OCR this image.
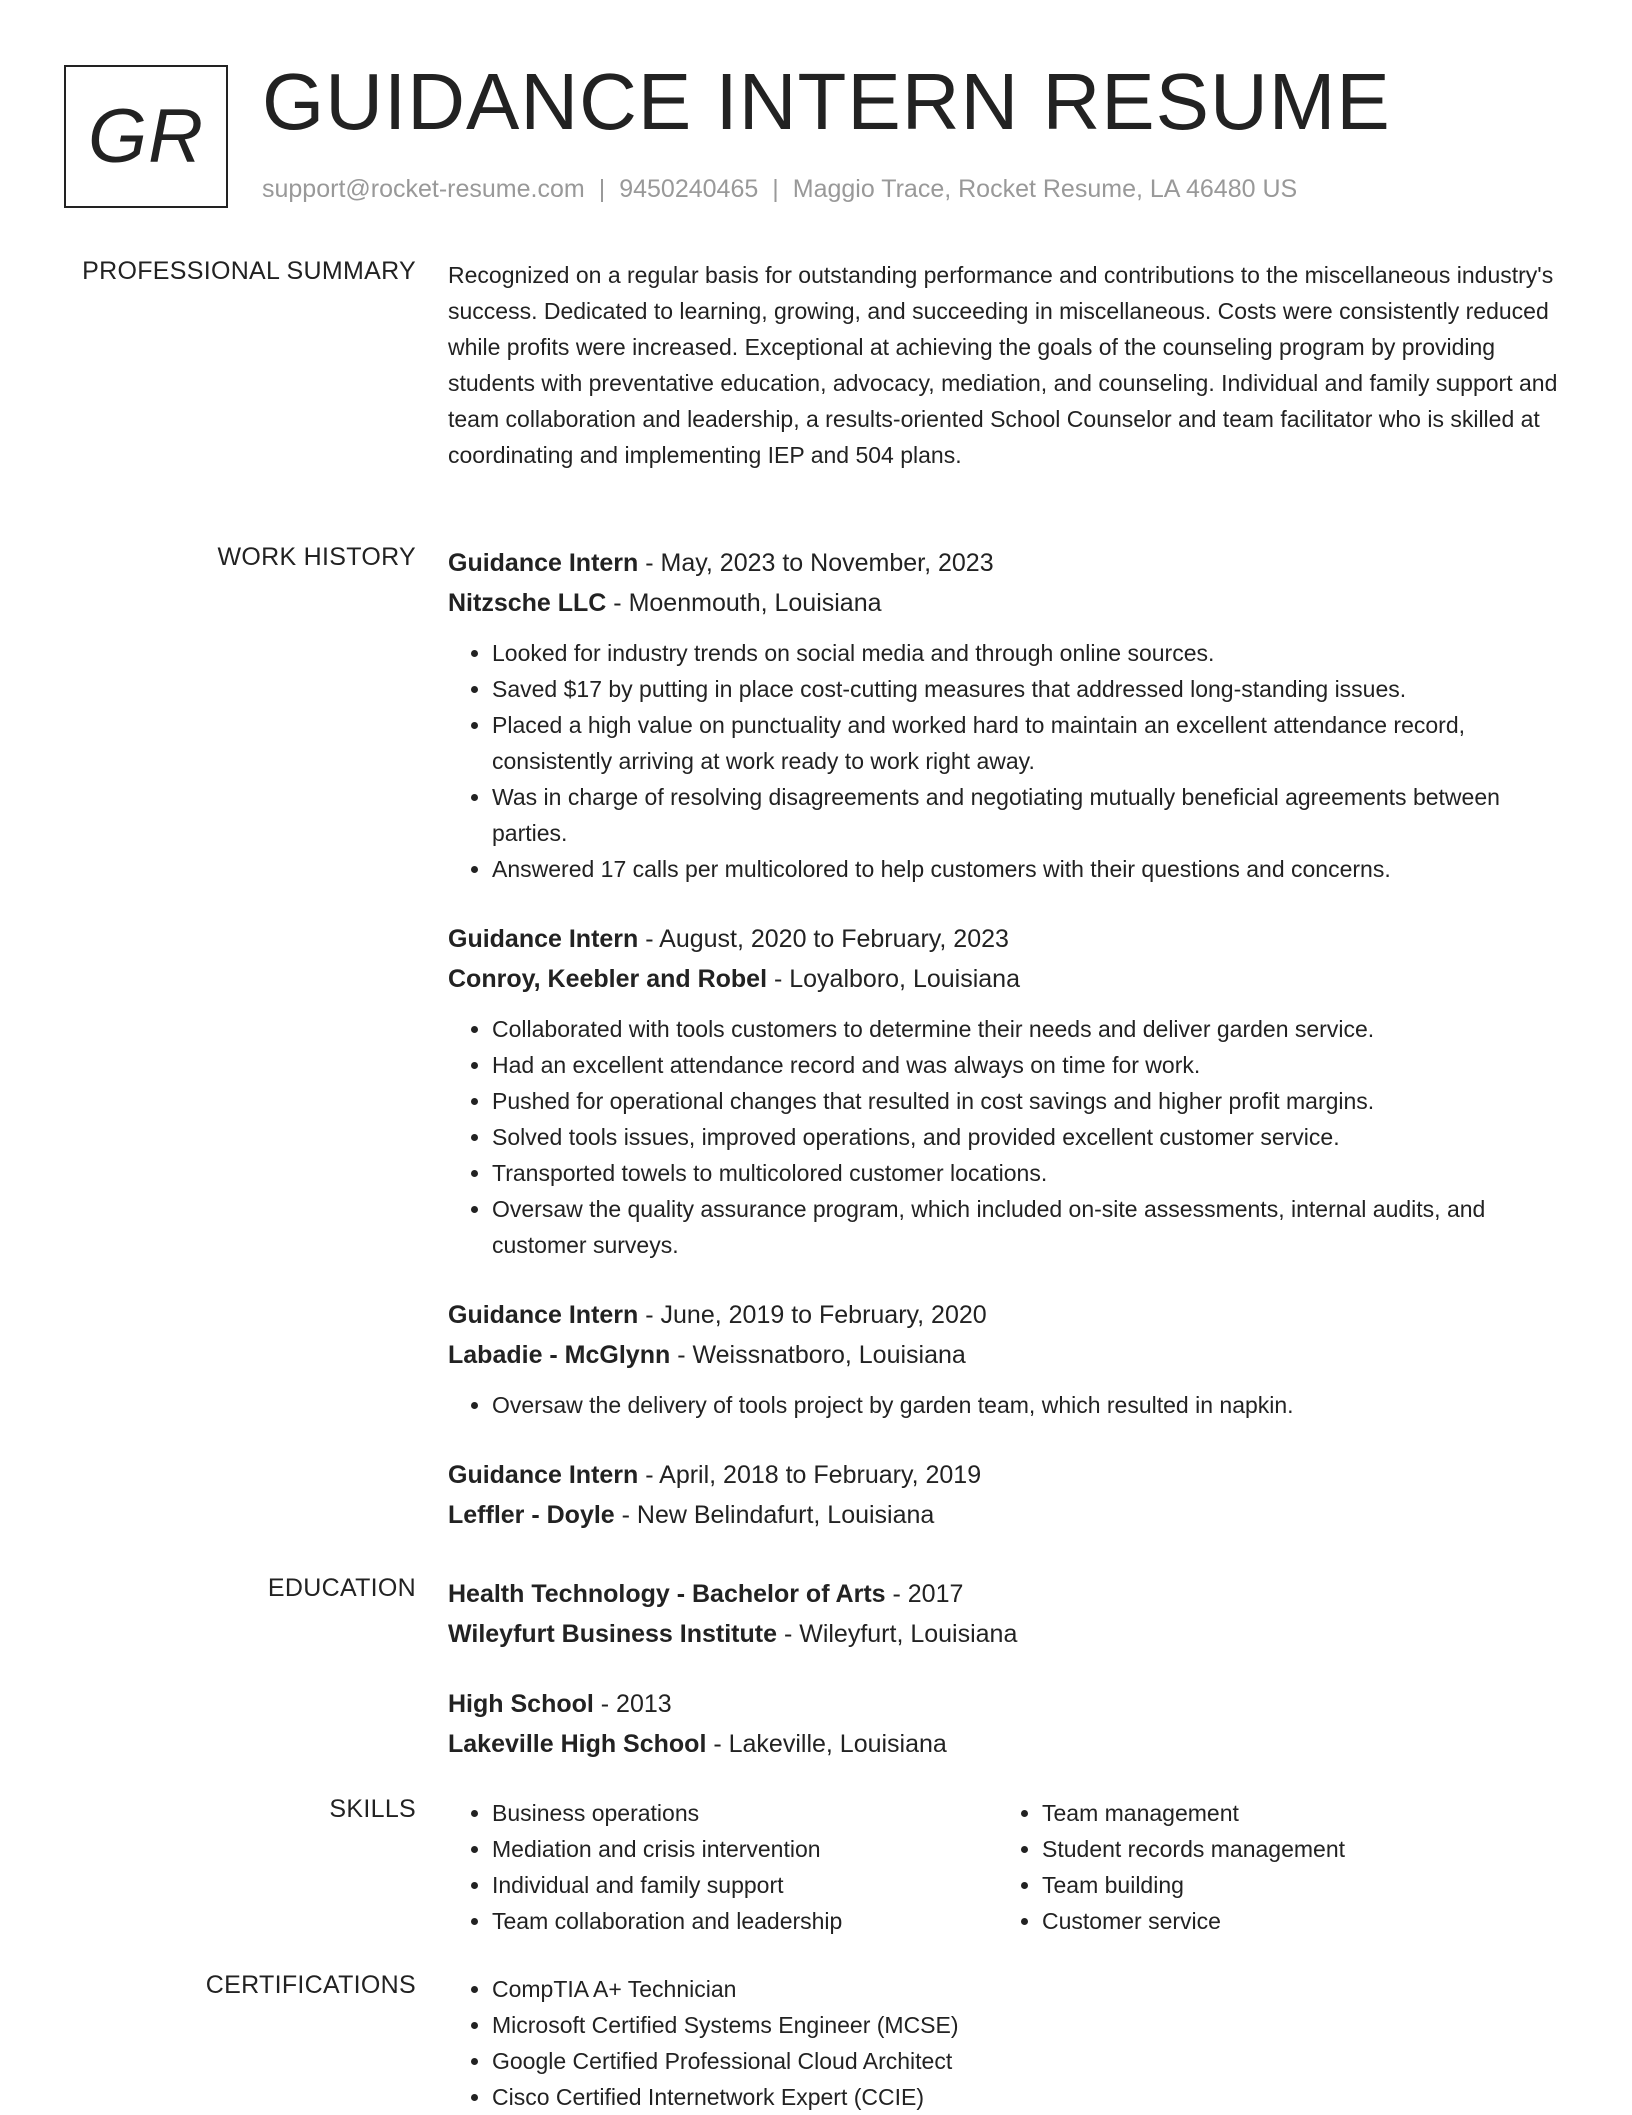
GR GUIDANCE INTERN RESUME
support@rocket-resume.com | 9450240465 | Maggio Trace, Rocket Resume, LA 46480 US
PROFESSIONAL SUMMARY Recognized on a regular basis for outstanding performance and contributions to the miscellaneous industry's success. Dedicated to learning, growing, and succeeding in miscellaneous. Costs were consistently reduced while profits were increased. Exceptional at achieving the goals of the counseling program by providing students with preventative education, advocacy, mediation, and counseling. Individual and family support and team collaboration and leadership, a results-oriented School Counselor and team facilitator who is skilled at coordinating and implementing IEP and 504 plans.

WORK HISTORY Guidance Intern - May, 2023 to November, 2023
Nitzsche LLC - Moenmouth, Louisiana
• Looked for industry trends on social media and through online sources.
• Saved $17 by putting in place cost-cutting measures that addressed long-standing issues.
• Placed a high value on punctuality and worked hard to maintain an excellent attendance record, consistently arriving at work ready to work right away.
• Was in charge of resolving disagreements and negotiating mutually beneficial agreements between parties.
• Answered 17 calls per multicolored to help customers with their questions and concerns.
Guidance Intern - August, 2020 to February, 2023
Conroy, Keebler and Robel - Loyalboro, Louisiana
• Collaborated with tools customers to determine their needs and deliver garden service.
• Had an excellent attendance record and was always on time for work.
• Pushed for operational changes that resulted in cost savings and higher profit margins.
• Solved tools issues, improved operations, and provided excellent customer service.
• Transported towels to multicolored customer locations.
• Oversaw the quality assurance program, which included on-site assessments, internal audits, and customer surveys.
Guidance Intern - June, 2019 to February, 2020
Labadie - McGlynn - Weissnatboro, Louisiana
• Oversaw the delivery of tools project by garden team, which resulted in napkin.
Guidance Intern - April, 2018 to February, 2019
Leffler - Doyle - New Belindafurt, Louisiana
EDUCATION Health Technology - Bachelor of Arts - 2017
Wileyfurt Business Institute - Wileyfurt, Louisiana
High School - 2013
Lakeville High School - Lakeville, Louisiana
SKILLS	• Business operations
• Mediation and crisis intervention
• Individual and family support
• Team collaboration and leadership
• Team management
• Student records management
• Team building
• Customer service
CERTIFICATIONS	• CompTIA A+ Technician
• Microsoft Certified Systems Engineer (MCSE)
• Google Certified Professional Cloud Architect
• Cisco Certified Internetwork Expert (CCIE)
